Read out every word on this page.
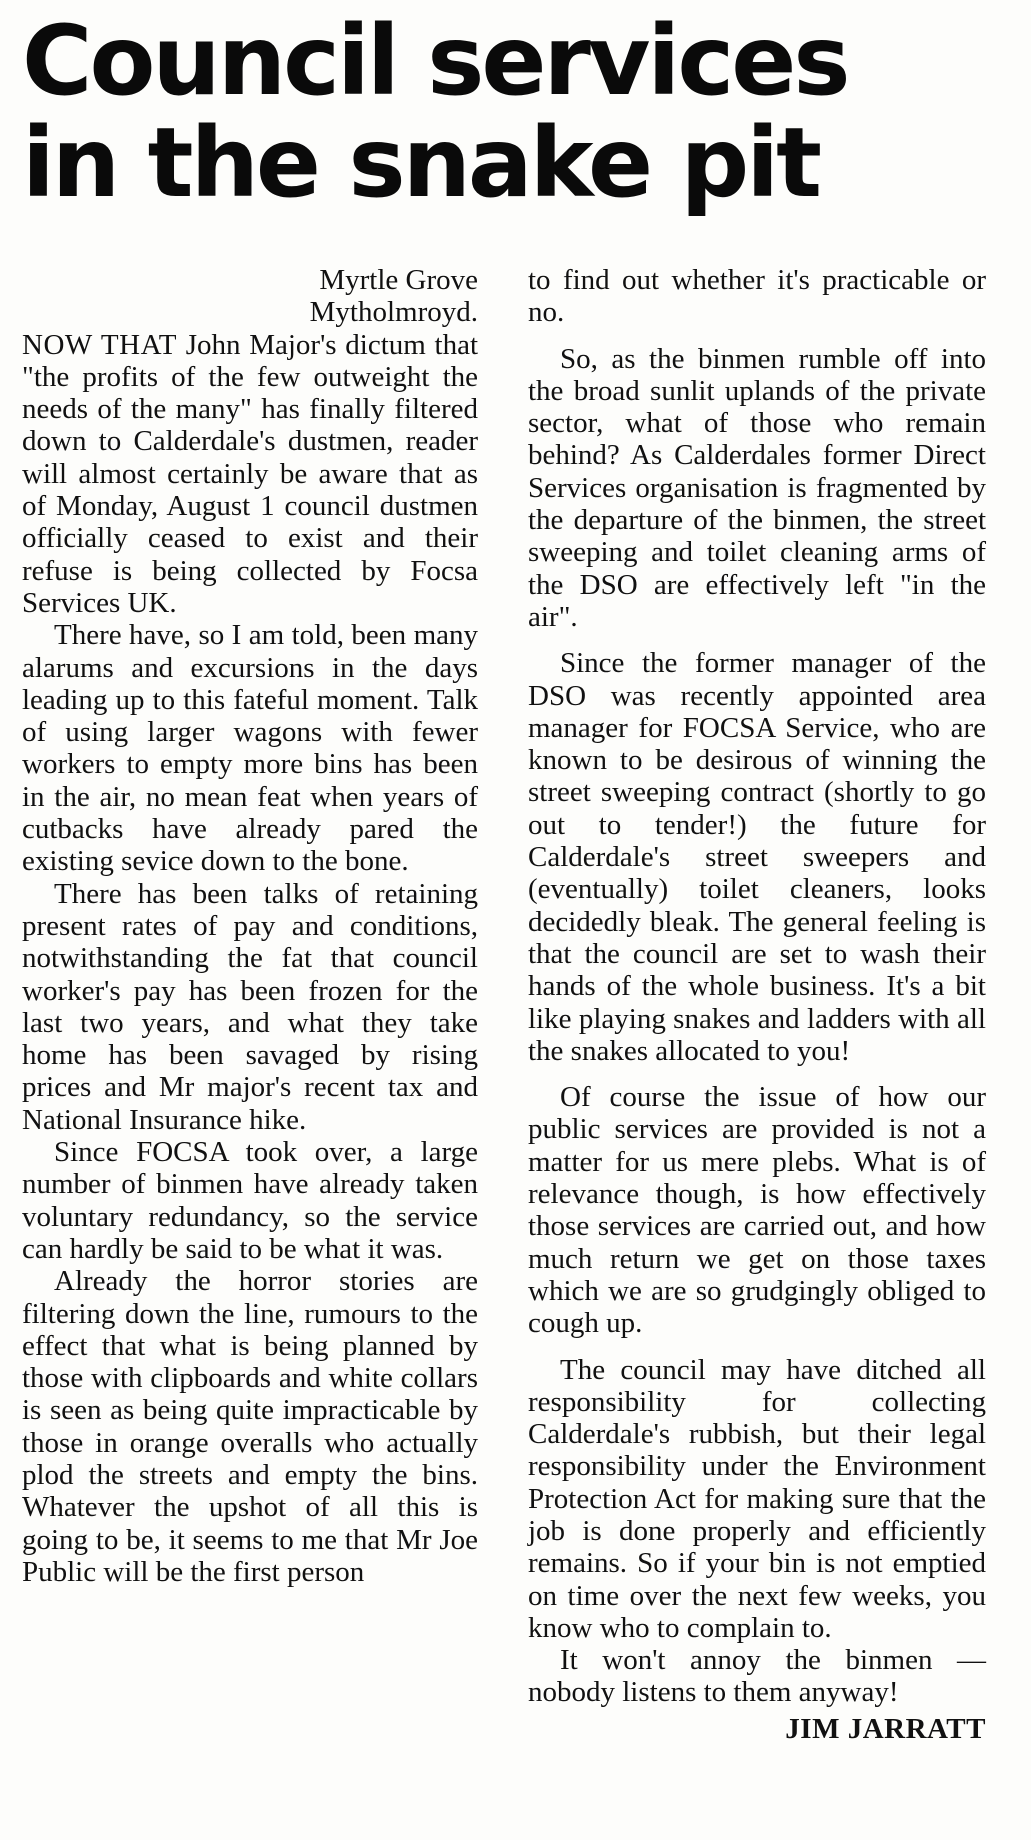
Council services
in the snake pit
Myrtle Grove
Mytholmroyd.

NOW THAT John Major's dictum that "the profits of the few outweight the needs of the many" has finally filtered down to Calderdale's dustmen, reader will almost certainly be aware that as of Monday, August 1 council dustmen officially ceased to exist and their refuse is being collected by Focsa Services UK.

There have, so I am told, been many alarums and excursions in the days leading up to this fateful moment. Talk of using larger wagons with fewer workers to empty more bins has been in the air, no mean feat when years of cutbacks have already pared the existing sevice down to the bone.

There has been talks of retaining present rates of pay and conditions, notwithstanding the fat that council worker's pay has been frozen for the last two years, and what they take home has been savaged by rising prices and Mr major's recent tax and National Insurance hike.

Since FOCSA took over, a large number of binmen have already taken voluntary redundancy, so the service can hardly be said to be what it was.

Already the horror stories are filtering down the line, rumours to the effect that what is being planned by those with clipboards and white collars is seen as being quite impracticable by those in orange overalls who actually plod the streets and empty the bins. Whatever the upshot of all this is going to be, it seems to me that Mr Joe Public will be the first person

to find out whether it's practicable or no.

So, as the binmen rumble off into the broad sunlit uplands of the private sector, what of those who remain behind? As Calderdales former Direct Services organisation is fragmented by the departure of the binmen, the street sweeping and toilet cleaning arms of the DSO are effectively left "in the air".

Since the former manager of the DSO was recently appointed area manager for FOCSA Service, who are known to be desirous of winning the street sweeping contract (shortly to go out to tender!) the future for Calderdale's street sweepers and (eventually) toilet cleaners, looks decidedly bleak. The general feeling is that the council are set to wash their hands of the whole business. It's a bit like playing snakes and ladders with all the snakes allocated to you!

Of course the issue of how our public services are provided is not a matter for us mere plebs. What is of relevance though, is how effectively those services are carried out, and how much return we get on those taxes which we are so grudgingly obliged to cough up.

The council may have ditched all responsibility for collecting Calderdale's rubbish, but their legal responsibility under the Environment Protection Act for making sure that the job is done properly and efficiently remains. So if your bin is not emptied on time over the next few weeks, you know who to complain to.

It won't annoy the binmen — nobody listens to them anyway!

JIM JARRATT
